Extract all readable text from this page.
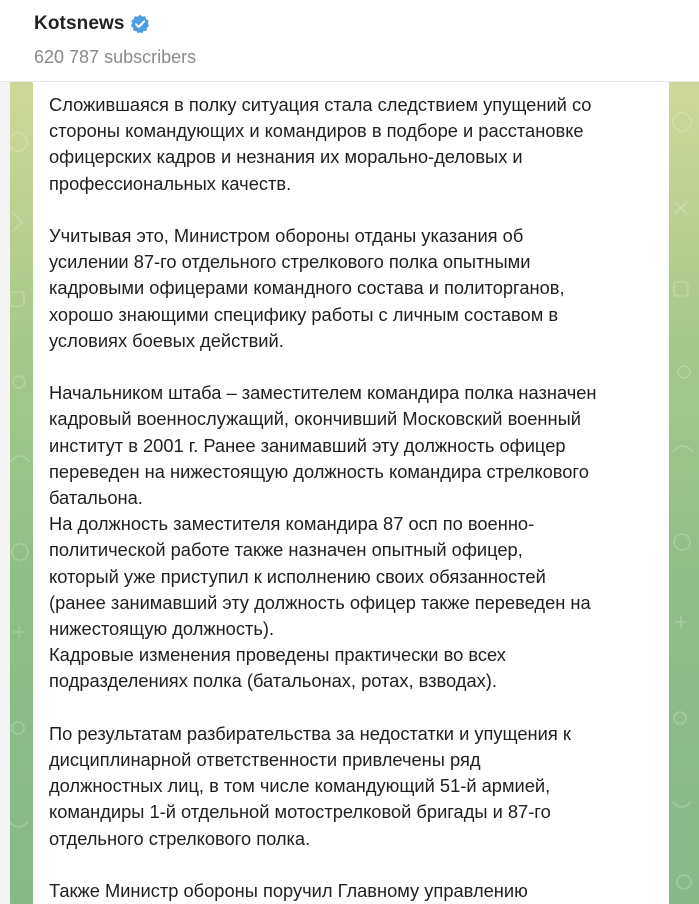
Kotsnews
620 787 subscribers

Сложившаяся в полку ситуация стала следствием упущений со
стороны командующих и командиров в подборе и расстановке
офицерских кадров и незнания их морально-деловых и
профессиональных качеств.

Учитывая это, Министром обороны отданы указания об
усилении 87-го отдельного стрелкового полка опытными
кадровыми офицерами командного состава и политорганов,
хорошо знающими специфику работы с личным составом в
условиях боевых действий.

Начальником штаба – заместителем командира полка назначен
кадровый военнослужащий, окончивший Московский военный
институт в 2001 г. Ранее занимавший эту должность офицер
переведен на нижестоящую должность командира стрелкового
батальона.
На должность заместителя командира 87 осп по военно-
политической работе также назначен опытный офицер,
который уже приступил к исполнению своих обязанностей
(ранее занимавший эту должность офицер также переведен на
нижестоящую должность).
Кадровые изменения проведены практически во всех
подразделениях полка (батальонах, ротах, взводах).

По результатам разбирательства за недостатки и упущения к
дисциплинарной ответственности привлечены ряд
должностных лиц, в том числе командующий 51-й армией,
командиры 1-й отдельной мотострелковой бригады и 87-го
отдельного стрелкового полка.

Также Министр обороны поручил Главному управлению
